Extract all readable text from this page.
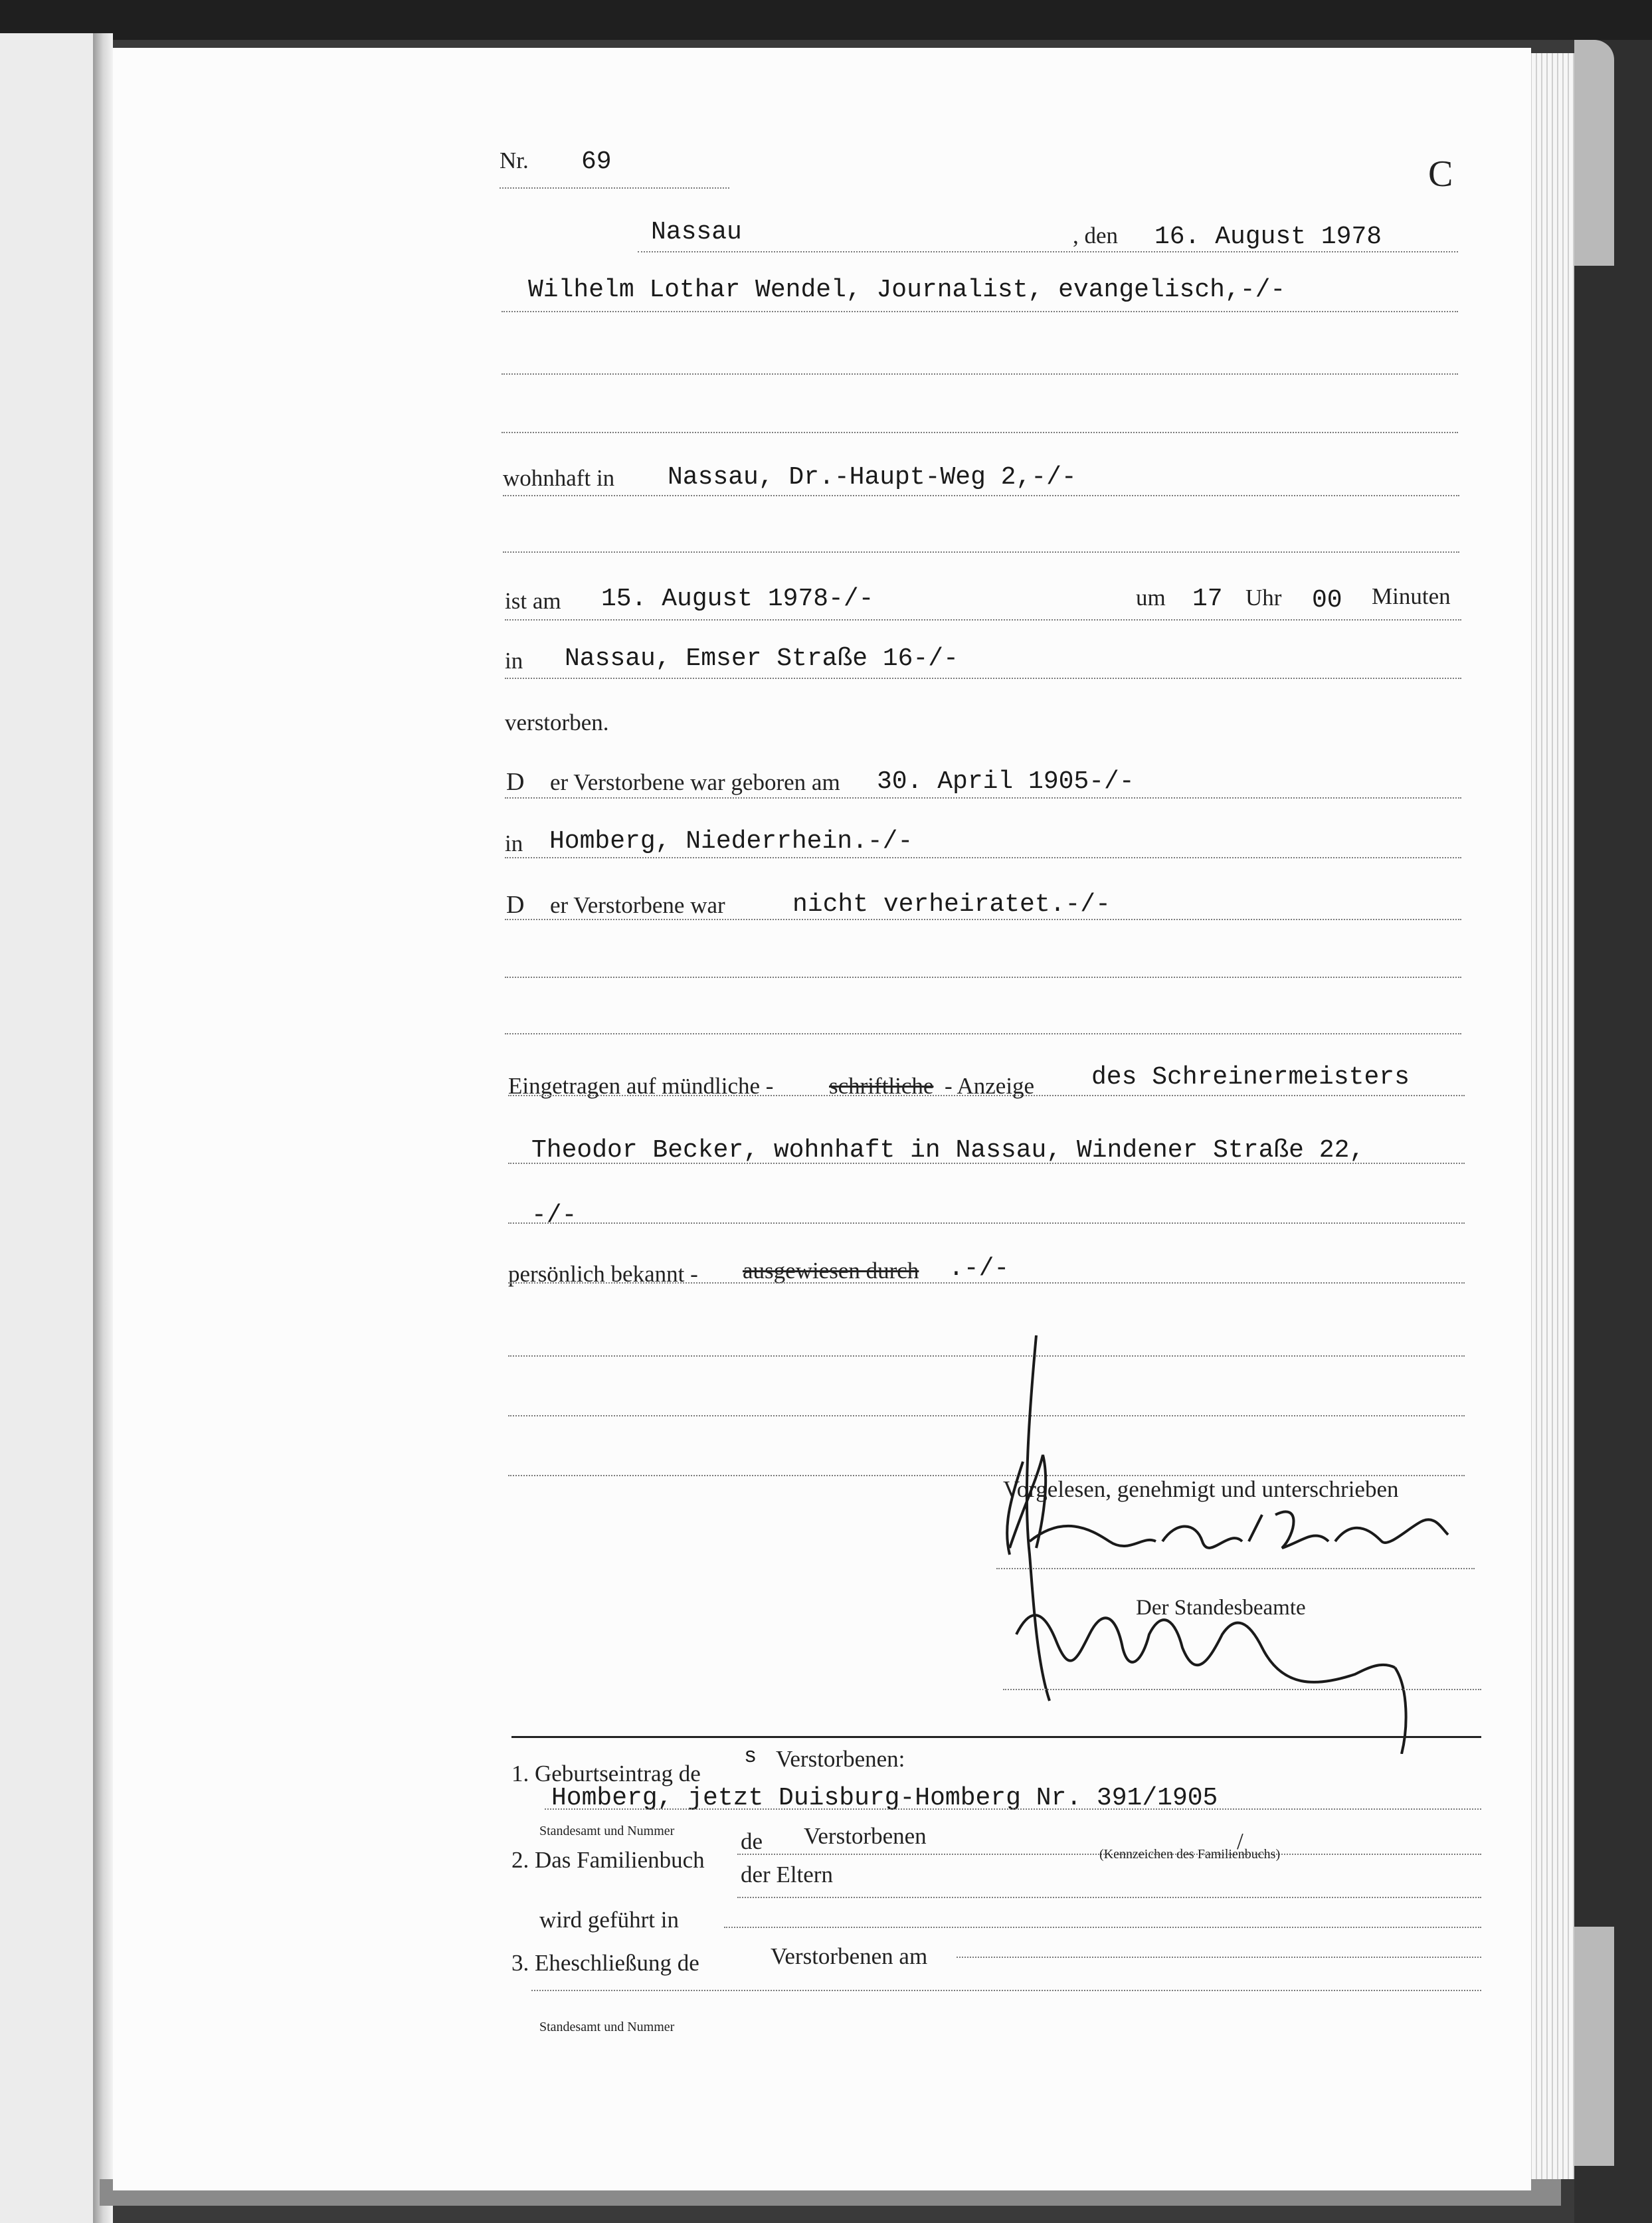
Nr. 69	C
Nassau	, den 16. August 1978
Wilhelm Lothar Wendel, Journalist, evangelisch,-/-
wohnhaft in Nassau, Dr.-Haupt-Weg 2,-/-
ist am 15. August 1978-/-	um 17 Uhr 00 Minuten
in Nassau, Emser Straße 16-/-
verstorben.
D er Verstorbene war geboren am 30. April 1905-/-
in Homberg, Niederrhein.-/-
D er Verstorbene war	nicht verheiratet.-/-
Eingetragen auf mündliche - schriftliche - Anzeige des Schreinermeisters
Theodor Becker, wohnhaft in Nassau, Windener Straße 22,
-/-
persönlich bekannt - ausgewiesen durch .-/-
Vorgelesen, genehmigt und unterschrieben
Der Standesbeamte
1. Geburtseintrag de
s Verstorbenen:
Homberg, jetzt Duisburg-Homberg Nr. 391/1905
Standesamt und Nummer
2. Das Familienbuch
de Verstorbenen	/
(Kennzeichen des Familienbuchs)
der Eltern
wird geführt in
3. Eheschließung de	Verstorbenen am
Standesamt und Nummer
